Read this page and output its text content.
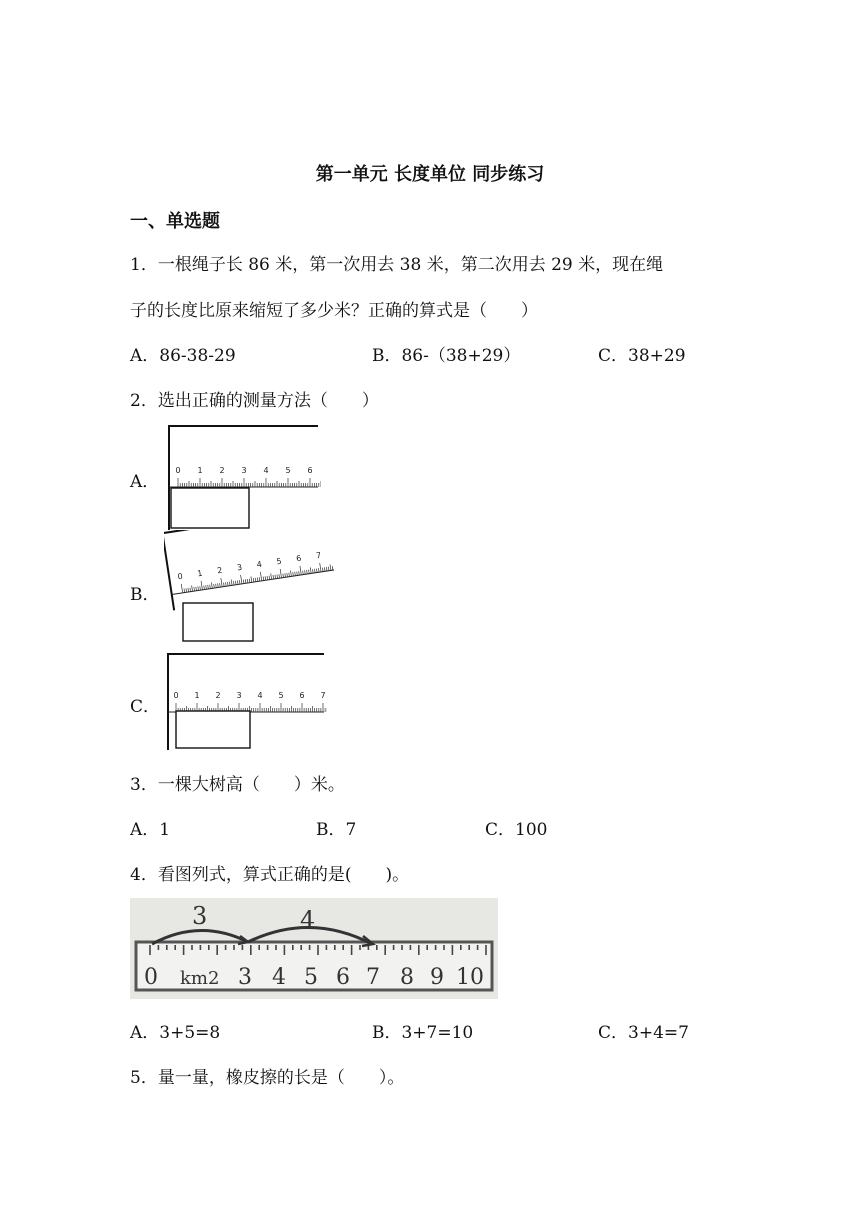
第一单元 长度单位 同步练习
一、单选题
1．一根绳子长 86 米，第一次用去 38 米，第二次用去 29 米，现在绳
子的长度比原来缩短了多少米？正确的算式是（　　）
A．86-38-29	B．86-（38+29）	C．38+29
2．选出正确的测量方法（　　）
A．
0 1 2 3 4 5 6
B．
0 1 2 3 4 5 6 7
C．
0 1 2 3 4 5 6 7
3．一棵大树高（　　）米。
A．1	B．7	C．100
4．看图列式，算式正确的是(　　)。
3	4
0 km2 3 4 5 6 7 8 9 10
A．3+5=8	B．3+7=10	C．3+4=7
5．量一量，橡皮擦的长是（　　）。
